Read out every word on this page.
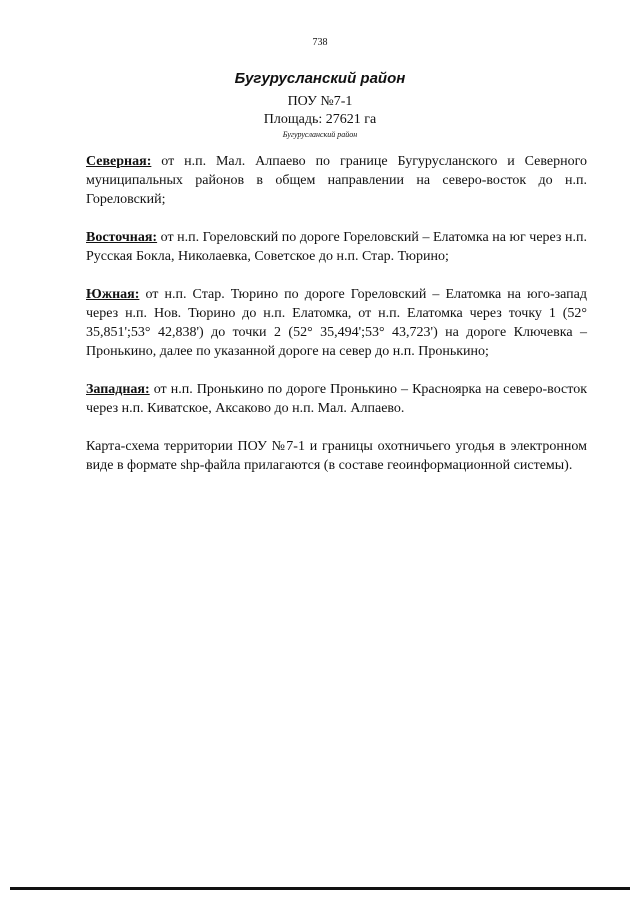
738
Бугурусланский район
ПОУ №7-1
Площадь: 27621 га
Бугурусланский район

Северная: от н.п. Мал. Алпаево по границе Бугурусланского и Северного муниципальных районов в общем направлении на северо-восток до н.п. Гореловский;

Восточная: от н.п. Гореловский по дороге Гореловский – Елатомка на юг через н.п. Русская Бокла, Николаевка, Советское до н.п. Стар. Тюрино;

Южная: от н.п. Стар. Тюрино по дороге Гореловский – Елатомка на юго-запад через н.п. Нов. Тюрино до н.п. Елатомка, от н.п. Елатомка через точку 1 (52° 35,851';53° 42,838') до точки 2 (52° 35,494';53° 43,723') на дороге Ключевка – Пронькино, далее по указанной дороге на север до н.п. Пронькино;

Западная: от н.п. Пронькино по дороге Пронькино – Красноярка на северо-восток через н.п. Киватское, Аксаково до н.п. Мал. Алпаево.

Карта-схема территории ПОУ №7-1 и границы охотничьего угодья в электронном виде в формате shp-файла прилагаются (в составе геоинформационной системы).
